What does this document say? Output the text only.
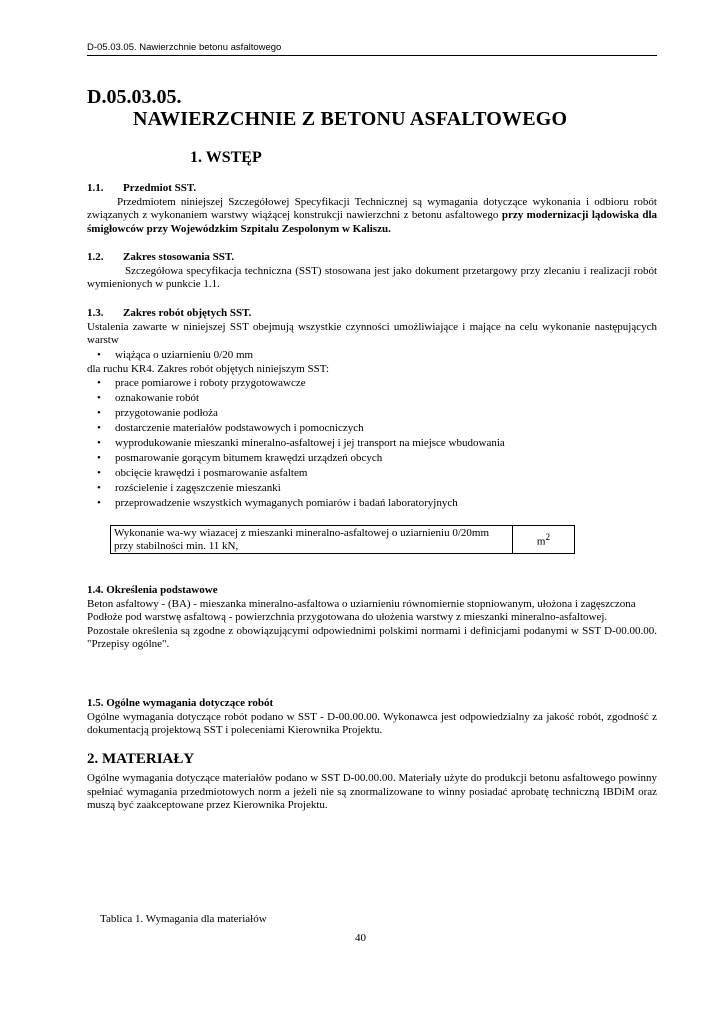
D-05.03.05. Nawierzchnie betonu asfaltowego
D.05.03.05.
NAWIERZCHNIE Z BETONU ASFALTOWEGO
1. WSTĘP
1.1. Przedmiot SST.
Przedmiotem niniejszej Szczegółowej Specyfikacji Technicznej są wymagania dotyczące wykonania i odbioru robót związanych z wykonaniem warstwy wiążącej konstrukcji nawierzchni z betonu asfaltowego przy modernizacji lądowiska dla śmigłowców przy Wojewódzkim Szpitalu Zespolonym w Kaliszu.
1.2. Zakres stosowania SST.
Szczegółowa specyfikacja techniczna (SST) stosowana jest jako dokument przetargowy przy zlecaniu i realizacji robót wymienionych w punkcie 1.1.
1.3. Zakres robót objętych SST.
Ustalenia zawarte w niniejszej SST obejmują wszystkie czynności umożliwiające i mające na celu wykonanie następujących warstw
• wiążąca o uziarnieniu 0/20 mm
dla ruchu KR4. Zakres robót objętych niniejszym SST:
• prace pomiarowe i roboty przygotowawcze
• oznakowanie robót
• przygotowanie podłoża
• dostarczenie materiałów podstawowych i pomocniczych
• wyprodukowanie mieszanki mineralno-asfaltowej i jej transport na miejsce wbudowania
• posmarowanie gorącym bitumem krawędzi urządzeń obcych
• obcięcie krawędzi i posmarowanie asfaltem
• rozścielenie i zagęszczenie mieszanki
• przeprowadzenie wszystkich wymaganych pomiarów i badań laboratoryjnych
Wykonanie wa-wy wiazacej z mieszanki mineralno-asfaltowej o uziarnieniu 0/20mm przy stabilności min. 11 kN,	$m^2$
1.4. Określenia podstawowe
Beton asfaltowy - (BA) - mieszanka mineralno-asfaltowa o uziarnieniu równomiernie stopniowanym, ułożona i zagęszczona
Podłoże pod warstwę asfaltową - powierzchnia przygotowana do ułożenia warstwy z mieszanki mineralno-asfaltowej.
Pozostałe określenia są zgodne z obowiązującymi odpowiednimi polskimi normami i definicjami podanymi w SST D-00.00.00. "Przepisy ogólne".
1.5. Ogólne wymagania dotyczące robót
Ogólne wymagania dotyczące robót podano w SST - D-00.00.00. Wykonawca jest odpowiedzialny za jakość robót, zgodność z dokumentacją projektową SST i poleceniami Kierownika Projektu.
2. MATERIAŁY
Ogólne wymagania dotyczące materiałów podano w SST D-00.00.00. Materiały użyte do produkcji betonu asfaltowego powinny spełniać wymagania przedmiotowych norm a jeżeli nie są znormalizowane to winny posiadać aprobatę techniczną IBDiM oraz muszą być zaakceptowane przez Kierownika Projektu.
Tablica 1. Wymagania dla materiałów
40
